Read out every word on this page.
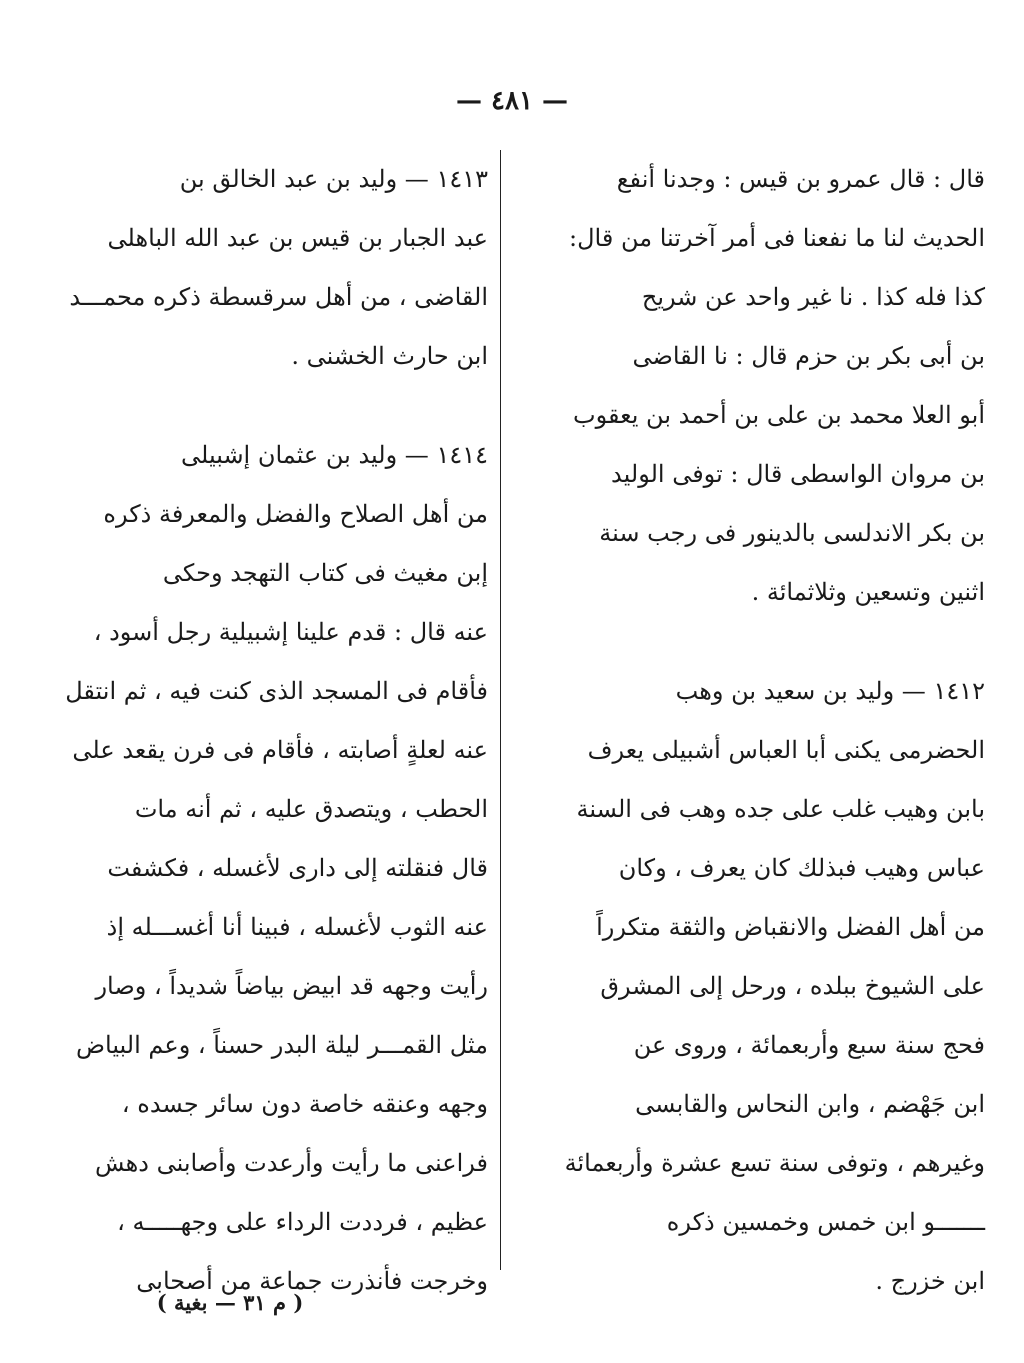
— ٤٨١ —
قال : قال عمرو بن قيس : وجدنا أنفع
الحديث لنا ما نفعنا فى أمر آخرتنا من قال:
كذا فله كذا . نا غير واحد عن شريح
بن أبى بكر بن حزم قال : نا القاضى
أبو العلا محمد بن على بن أحمد بن يعقوب
بن مروان الواسطى قال : توفى الوليد
بن بكر الاندلسى بالدينور فى رجب سنة
اثنين وتسعين وثلاثمائة .
١٤١٢ — وليد بن سعيد بن وهب
الحضرمى يكنى أبا العباس أشبيلى يعرف
بابن وهيب غلب على جده وهب فى السنة
عباس وهيب فبذلك كان يعرف ، وكان
من أهل الفضل والانقباض والثقة متكرراً
على الشيوخ ببلده ، ورحل إلى المشرق
فحج سنة سبع وأربعمائة ، وروى عن
ابن جَهْضم ، وابن النحاس والقابسى
وغيرهم ، وتوفى سنة تسع عشرة وأربعمائة
ـــــــو ابن خمس وخمسين ذكره
ابن خزرج .
١٤١٣ — وليد بن عبد الخالق بن
عبد الجبار بن قيس بن عبد الله الباهلى
القاضى ، من أهل سرقسطة ذكره محمـــد
ابن حارث الخشنى .
١٤١٤ — وليد بن عثمان إشبيلى
من أهل الصلاح والفضل والمعرفة ذكره
إبن مغيث فى كتاب التهجد وحكى
عنه قال : قدم علينا إشبيلية رجل أسود ،
فأقام فى المسجد الذى كنت فيه ، ثم انتقل
عنه لعلةٍ أصابته ، فأقام فى فرن يقعد على
الحطب ، ويتصدق عليه ، ثم أنه مات
قال فنقلته إلى دارى لأغسله ، فكشفت
عنه الثوب لأغسله ، فبينا أنا أغســـله إذ
رأيت وجهه قد ابيض بياضاً شديداً ، وصار
مثل القمـــر ليلة البدر حسناً ، وعم البياض
وجهه وعنقه خاصة دون سائر جسده ،
فراعنى ما رأيت وأرعدت وأصابنى دهش
عظيم ، فرددت الرداء على وجهـــــه ،
وخرجت فأنذرت جماعة من أصحابى
( م ٣١ — بغية )
